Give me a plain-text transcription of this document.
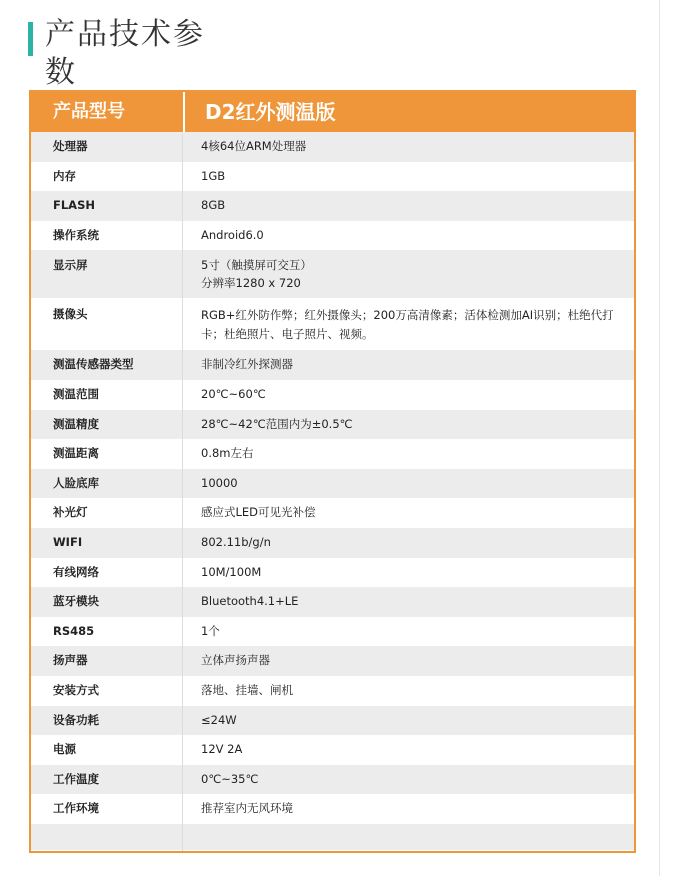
产品技术参数
产品型号	D2红外测温版
处理器	4核64位ARM处理器
内存	1GB
FLASH	8GB
操作系统	Android6.0
显示屏	5寸（触摸屏可交互）
分辨率1280 x 720
摄像头	RGB+红外防作弊；红外摄像头；200万高清像素；活体检测加AI识别；杜绝代打卡；杜绝照片、电子照片、视频。
测温传感器类型	非制冷红外探测器
测温范围	20℃~60℃
测温精度	28℃~42℃范围内为±0.5℃
测温距离	0.8m左右
人脸底库	10000
补光灯	感应式LED可见光补偿
WIFI	802.11b/g/n
有线网络	10M/100M
蓝牙模块	Bluetooth4.1+LE
RS485	1个
扬声器	立体声扬声器
安装方式	落地、挂墙、闸机
设备功耗	≤24W
电源	12V 2A
工作温度	0℃~35℃
工作环境	推荐室内无风环境
